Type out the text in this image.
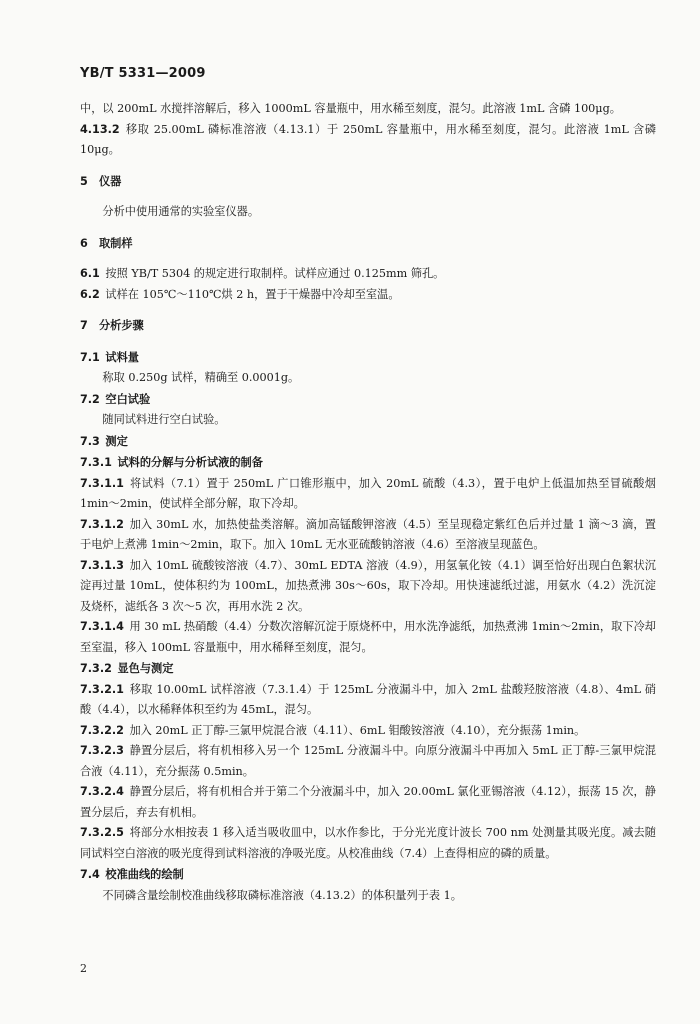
YB/T 5331—2009

中，以 200mL 水搅拌溶解后，移入 1000mL 容量瓶中，用水稀至刻度，混匀。此溶液 1mL 含磷 100μg。

4.13.2  移取 25.00mL 磷标准溶液（4.13.1）于 250mL 容量瓶中，用水稀至刻度，混匀。此溶液 1mL 含磷 10μg。

5  仪器

分析中使用通常的实验室仪器。

6  取制样

6.1  按照 YB/T 5304 的规定进行取制样。试样应通过 0.125mm 筛孔。

6.2  试样在 105℃～110℃烘 2 h，置于干燥器中冷却至室温。

7  分析步骤

7.1  试料量

称取 0.250g 试样，精确至 0.0001g。

7.2  空白试验

随同试料进行空白试验。

7.3  测定

7.3.1  试料的分解与分析试液的制备

7.3.1.1  将试料（7.1）置于 250mL 广口锥形瓶中，加入 20mL 硫酸（4.3），置于电炉上低温加热至冒硫酸烟 1min～2min，使试样全部分解，取下冷却。

7.3.1.2  加入 30mL 水，加热使盐类溶解。滴加高锰酸钾溶液（4.5）至呈现稳定紫红色后并过量 1 滴～3 滴，置于电炉上煮沸 1min～2min，取下。加入 10mL 无水亚硫酸钠溶液（4.6）至溶液呈现蓝色。

7.3.1.3  加入 10mL 硫酸铵溶液（4.7）、30mL EDTA 溶液（4.9），用氢氧化铵（4.1）调至恰好出现白色絮状沉淀再过量 10mL，使体积约为 100mL，加热煮沸 30s～60s，取下冷却。用快速滤纸过滤，用氨水（4.2）洗沉淀及烧杯，滤纸各 3 次～5 次，再用水洗 2 次。

7.3.1.4  用 30 mL 热硝酸（4.4）分数次溶解沉淀于原烧杯中，用水洗净滤纸，加热煮沸 1min～2min，取下冷却至室温，移入 100mL 容量瓶中，用水稀释至刻度，混匀。

7.3.2  显色与测定

7.3.2.1  移取 10.00mL 试样溶液（7.3.1.4）于 125mL 分液漏斗中，加入 2mL 盐酸羟胺溶液（4.8）、4mL 硝酸（4.4），以水稀释体积至约为 45mL，混匀。

7.3.2.2  加入 20mL 正丁醇-三氯甲烷混合液（4.11）、6mL 钼酸铵溶液（4.10），充分振荡 1min。

7.3.2.3  静置分层后，将有机相移入另一个 125mL 分液漏斗中。向原分液漏斗中再加入 5mL 正丁醇-三氯甲烷混合液（4.11），充分振荡 0.5min。

7.3.2.4  静置分层后，将有机相合并于第二个分液漏斗中，加入 20.00mL 氯化亚锡溶液（4.12），振荡 15 次，静置分层后，弃去有机相。

7.3.2.5  将部分水相按表 1 移入适当吸收皿中，以水作参比，于分光光度计波长 700 nm 处测量其吸光度。减去随同试料空白溶液的吸光度得到试料溶液的净吸光度。从校准曲线（7.4）上查得相应的磷的质量。

7.4  校准曲线的绘制

不同磷含量绘制校准曲线移取磷标准溶液（4.13.2）的体积量列于表 1。

2
